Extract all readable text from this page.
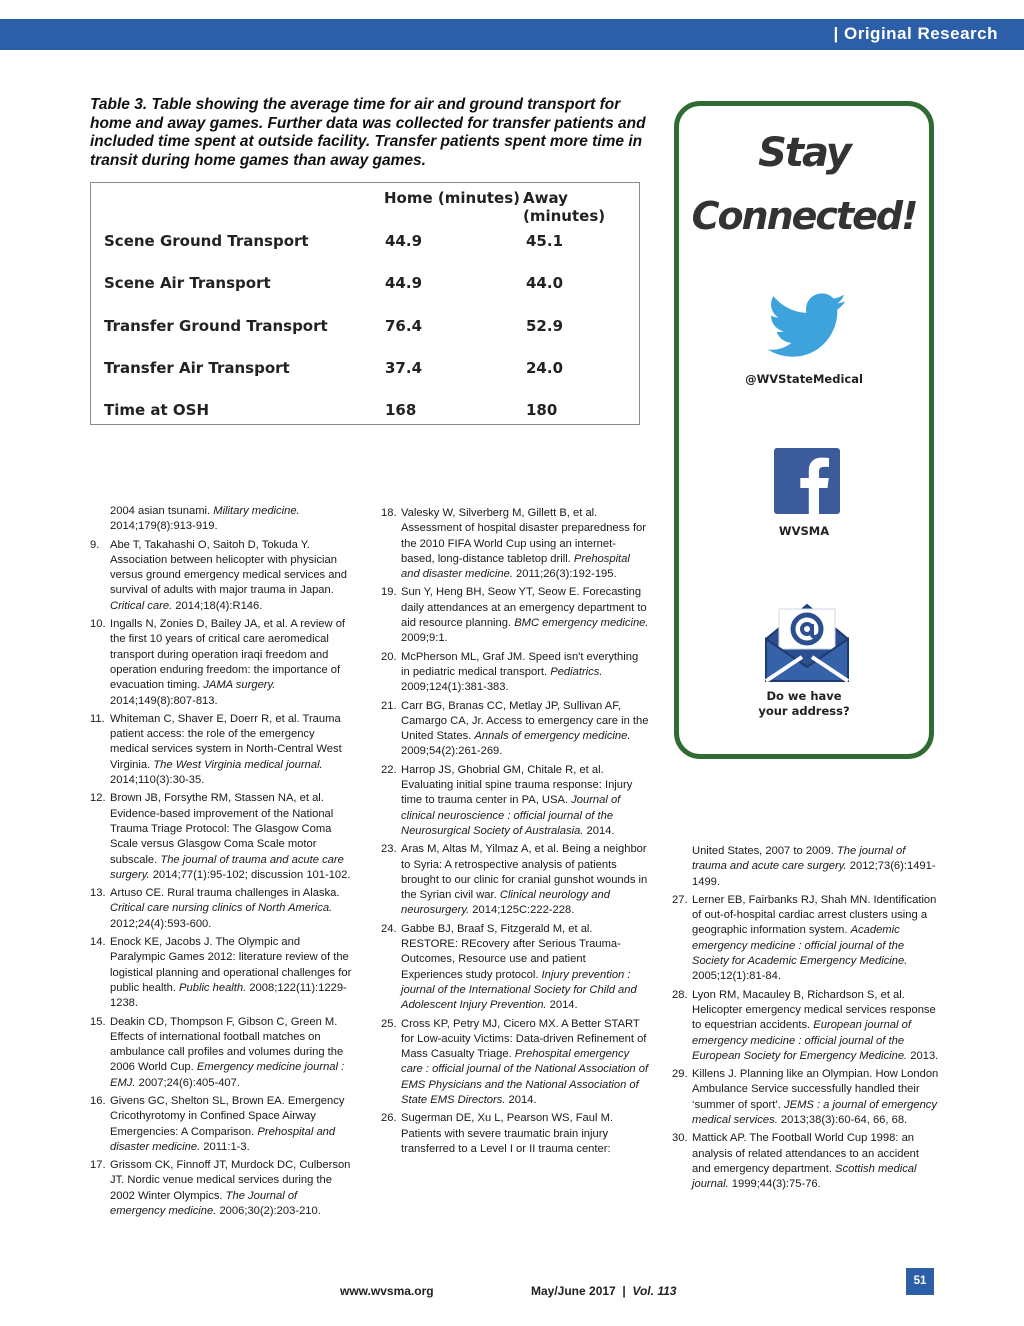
| Original Research
Table 3. Table showing the average time for air and ground transport for home and away games. Further data was collected for transfer patients and included time spent at outside facility. Transfer patients spent more time in transit during home games than away games.
Home (minutes) Away (minutes)
Scene Ground Transport	44.9	45.1
Scene Air Transport	44.9	44.0
Transfer Ground Transport	76.4	52.9
Transfer Air Transport	37.4	24.0
Time at OSH	168	180
Stay
Connected!
@WVStateMedical
WVSMA
Do we have
your address?
2004 asian tsunami. Military medicine. 2014;179(8):913-919.
9. Abe T, Takahashi O, Saitoh D, Tokuda Y. Association between helicopter with physician versus ground emergency medical services and survival of adults with major trauma in Japan. Critical care. 2014;18(4):R146.
10. Ingalls N, Zonies D, Bailey JA, et al. A review of the first 10 years of critical care aeromedical transport during operation iraqi freedom and operation enduring freedom: the importance of evacuation timing. JAMA surgery. 2014;149(8):807-813.
11. Whiteman C, Shaver E, Doerr R, et al. Trauma patient access: the role of the emergency medical services system in North-Central West Virginia. The West Virginia medical journal. 2014;110(3):30-35.
12. Brown JB, Forsythe RM, Stassen NA, et al. Evidence-based improvement of the National Trauma Triage Protocol: The Glasgow Coma Scale versus Glasgow Coma Scale motor subscale. The journal of trauma and acute care surgery. 2014;77(1):95-102; discussion 101-102.
13. Artuso CE. Rural trauma challenges in Alaska. Critical care nursing clinics of North America. 2012;24(4):593-600.
14. Enock KE, Jacobs J. The Olympic and Paralympic Games 2012: literature review of the logistical planning and operational challenges for public health. Public health. 2008;122(11):1229-1238.
15. Deakin CD, Thompson F, Gibson C, Green M. Effects of international football matches on ambulance call profiles and volumes during the 2006 World Cup. Emergency medicine journal : EMJ. 2007;24(6):405-407.
16. Givens GC, Shelton SL, Brown EA. Emergency Cricothyrotomy in Confined Space Airway Emergencies: A Comparison. Prehospital and disaster medicine. 2011:1-3.
17. Grissom CK, Finnoff JT, Murdock DC, Culberson JT. Nordic venue medical services during the 2002 Winter Olympics. The Journal of emergency medicine. 2006;30(2):203-210.
18. Valesky W, Silverberg M, Gillett B, et al. Assessment of hospital disaster preparedness for the 2010 FIFA World Cup using an internet-based, long-distance tabletop drill. Prehospital and disaster medicine. 2011;26(3):192-195.
19. Sun Y, Heng BH, Seow YT, Seow E. Forecasting daily attendances at an emergency department to aid resource planning. BMC emergency medicine. 2009;9:1.
20. McPherson ML, Graf JM. Speed isn't everything in pediatric medical transport. Pediatrics. 2009;124(1):381-383.
21. Carr BG, Branas CC, Metlay JP, Sullivan AF, Camargo CA, Jr. Access to emergency care in the United States. Annals of emergency medicine. 2009;54(2):261-269.
22. Harrop JS, Ghobrial GM, Chitale R, et al. Evaluating initial spine trauma response: Injury time to trauma center in PA, USA. Journal of clinical neuroscience : official journal of the Neurosurgical Society of Australasia. 2014.
23. Aras M, Altas M, Yilmaz A, et al. Being a neighbor to Syria: A retrospective analysis of patients brought to our clinic for cranial gunshot wounds in the Syrian civil war. Clinical neurology and neurosurgery. 2014;125C:222-228.
24. Gabbe BJ, Braaf S, Fitzgerald M, et al. RESTORE: REcovery after Serious Trauma-Outcomes, Resource use and patient Experiences study protocol. Injury prevention : journal of the International Society for Child and Adolescent Injury Prevention. 2014.
25. Cross KP, Petry MJ, Cicero MX. A Better START for Low-acuity Victims: Data-driven Refinement of Mass Casualty Triage. Prehospital emergency care : official journal of the National Association of EMS Physicians and the National Association of State EMS Directors. 2014.
26. Sugerman DE, Xu L, Pearson WS, Faul M. Patients with severe traumatic brain injury transferred to a Level I or II trauma center:
United States, 2007 to 2009. The journal of trauma and acute care surgery. 2012;73(6):1491-1499.
27. Lerner EB, Fairbanks RJ, Shah MN. Identification of out-of-hospital cardiac arrest clusters using a geographic information system. Academic emergency medicine : official journal of the Society for Academic Emergency Medicine. 2005;12(1):81-84.
28. Lyon RM, Macauley B, Richardson S, et al. Helicopter emergency medical services response to equestrian accidents. European journal of emergency medicine : official journal of the European Society for Emergency Medicine. 2013.
29. Killens J. Planning like an Olympian. How London Ambulance Service successfully handled their ‘summer of sport’. JEMS : a journal of emergency medical services. 2013;38(3):60-64, 66, 68.
30. Mattick AP. The Football World Cup 1998: an analysis of related attendances to an accident and emergency department. Scottish medical journal. 1999;44(3):75-76.
www.wvsma.org	May/June 2017  |  Vol. 113
51
